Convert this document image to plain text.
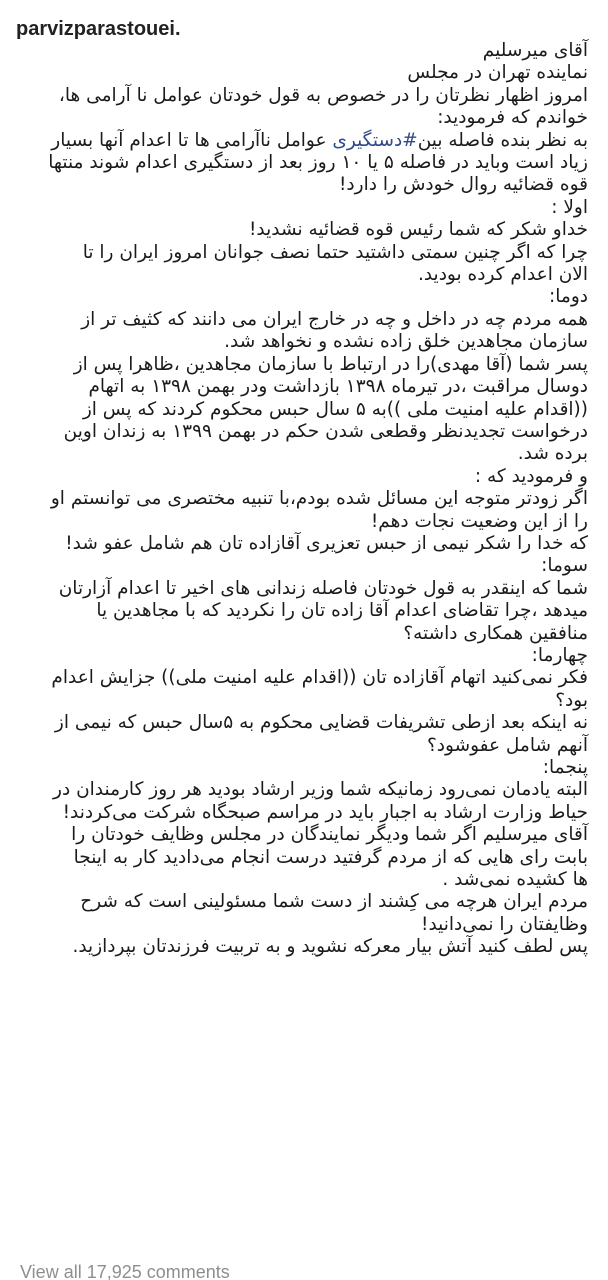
parvizparastouei .
آقای میرسلیم
نماینده تهران در مجلس
امروز اظهار نظرتان را در خصوص به قول خودتان عوامل نا آرامی ها،
خواندم که فرمودید:
به نظر بنده فاصله بین#دستگیری عوامل ناآرامی ها تا اعدام آنها بسیار
زیاد است وباید در فاصله ۵ یا ۱۰ روز بعد از دستگیری اعدام شوند منتها
قوه قضائیه روال خودش را دارد!
اولا :
خداو شکر که شما رئیس قوه قضائیه نشدید!
چرا که اگر چنین سمتی داشتید حتما نصف جوانان امروز ایران را تا
الان اعدام کرده بودید.
دوما:
همه مردم چه در داخل و چه در خارج ایران می دانند که کثیف تر از
سازمان مجاهدین خلق زاده نشده و نخواهد شد.
پسر شما (آقا مهدی)را در ارتباط با سازمان مجاهدین ،ظاهرا پس از
دوسال مراقبت ،در تیرماه ۱۳۹۸ بازداشت ودر بهمن ۱۳۹۸ به اتهام
((اقدام علیه امنیت ملی ))به ۵ سال حبس محکوم کردند که پس از
درخواست تجدیدنظر وقطعی شدن حکم در بهمن ۱۳۹۹ به زندان اوین
برده شد.
و فرمودید که :
اگر زودتر متوجه این مسائل شده بودم،با تنبیه مختصری می توانستم او
را از این وضعیت نجات دهم!
که خدا را شکر نیمی از حبس تعزیری آقازاده تان هم شامل عفو شد!
سوما:
شما که اینقدر به قول خودتان فاصله زندانی های اخیر تا اعدام آزارتان
میدهد ،چرا تقاضای اعدام آقا زاده تان را نکردید که با مجاهدین یا
منافقین همکاری داشته؟
چهارما:
فکر نمی‌کنید اتهام آقازاده تان ((اقدام علیه امنیت ملی)) جزایش اعدام
بود؟
نه اینکه بعد ازطی تشریفات قضایی محکوم به ۵سال حبس که نیمی از
آنهم شامل عفوشود؟
پنجما:
البته یادمان نمی‌رود زمانیکه شما وزیر ارشاد بودید هر روز کارمندان در
حیاط وزارت ارشاد به اجبار باید در مراسم صبحگاه شرکت می‌کردند!
آقای میرسلیم اگر شما ودیگر نمایندگان در مجلس وظایف خودتان را
بابت رای هایی که از مردم گرفتید درست انجام می‌دادید کار به اینجا
ها کشیده نمی‌شد .
مردم ایران هرچه می کِشند از دست شما مسئولینی است که شرح
وظایفتان را نمی‌دانید!
پس لطف کنید آتش بیار معرکه نشوید و به تربیت فرزندتان بپردازید.
View all 17,925 comments
